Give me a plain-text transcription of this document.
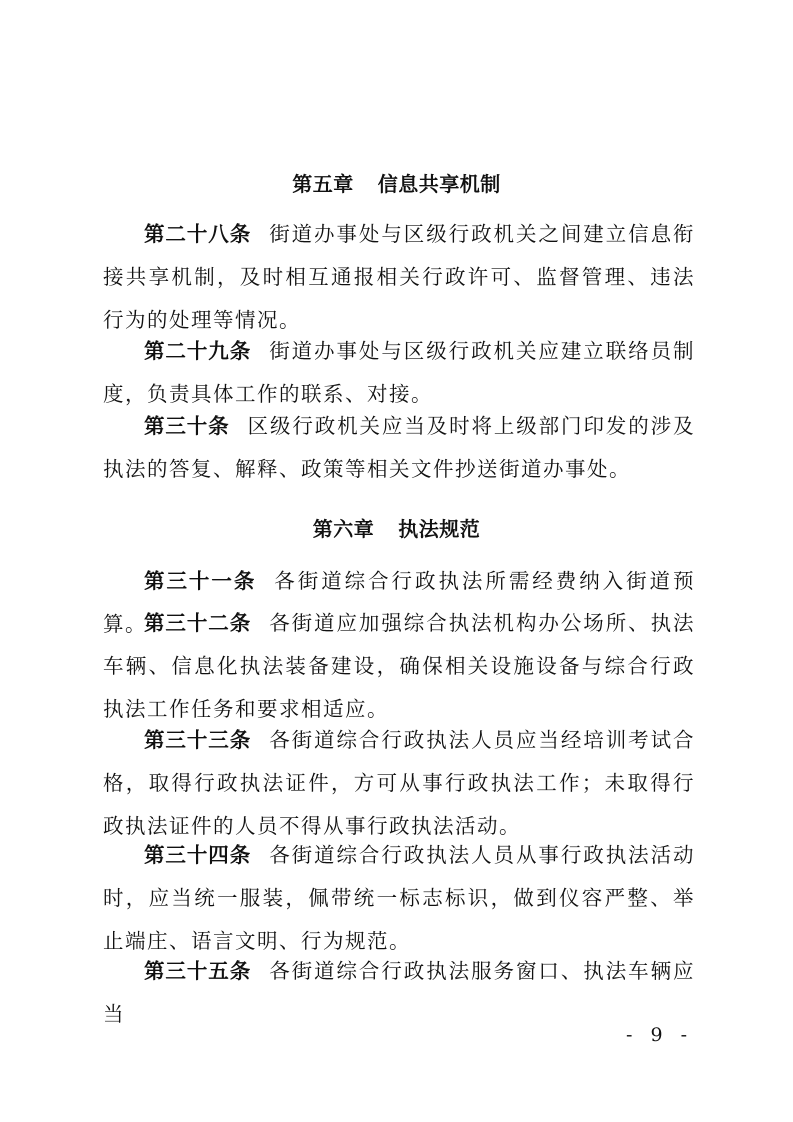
第五章 信息共享机制

第二十八条 街道办事处与区级行政机关之间建立信息衔接共享机制，及时相互通报相关行政许可、监督管理、违法行为的处理等情况。

第二十九条 街道办事处与区级行政机关应建立联络员制度，负责具体工作的联系、对接。

第三十条 区级行政机关应当及时将上级部门印发的涉及执法的答复、解释、政策等相关文件抄送街道办事处。

第六章 执法规范

第三十一条 各街道综合行政执法所需经费纳入街道预算。

第三十二条 各街道应加强综合执法机构办公场所、执法车辆、信息化执法装备建设，确保相关设施设备与综合行政执法工作任务和要求相适应。

第三十三条 各街道综合行政执法人员应当经培训考试合格，取得行政执法证件，方可从事行政执法工作；未取得行政执法证件的人员不得从事行政执法活动。

第三十四条 各街道综合行政执法人员从事行政执法活动时，应当统一服装，佩带统一标志标识，做到仪容严整、举止端庄、语言文明、行为规范。

第三十五条 各街道综合行政执法服务窗口、执法车辆应当

- 9 -
